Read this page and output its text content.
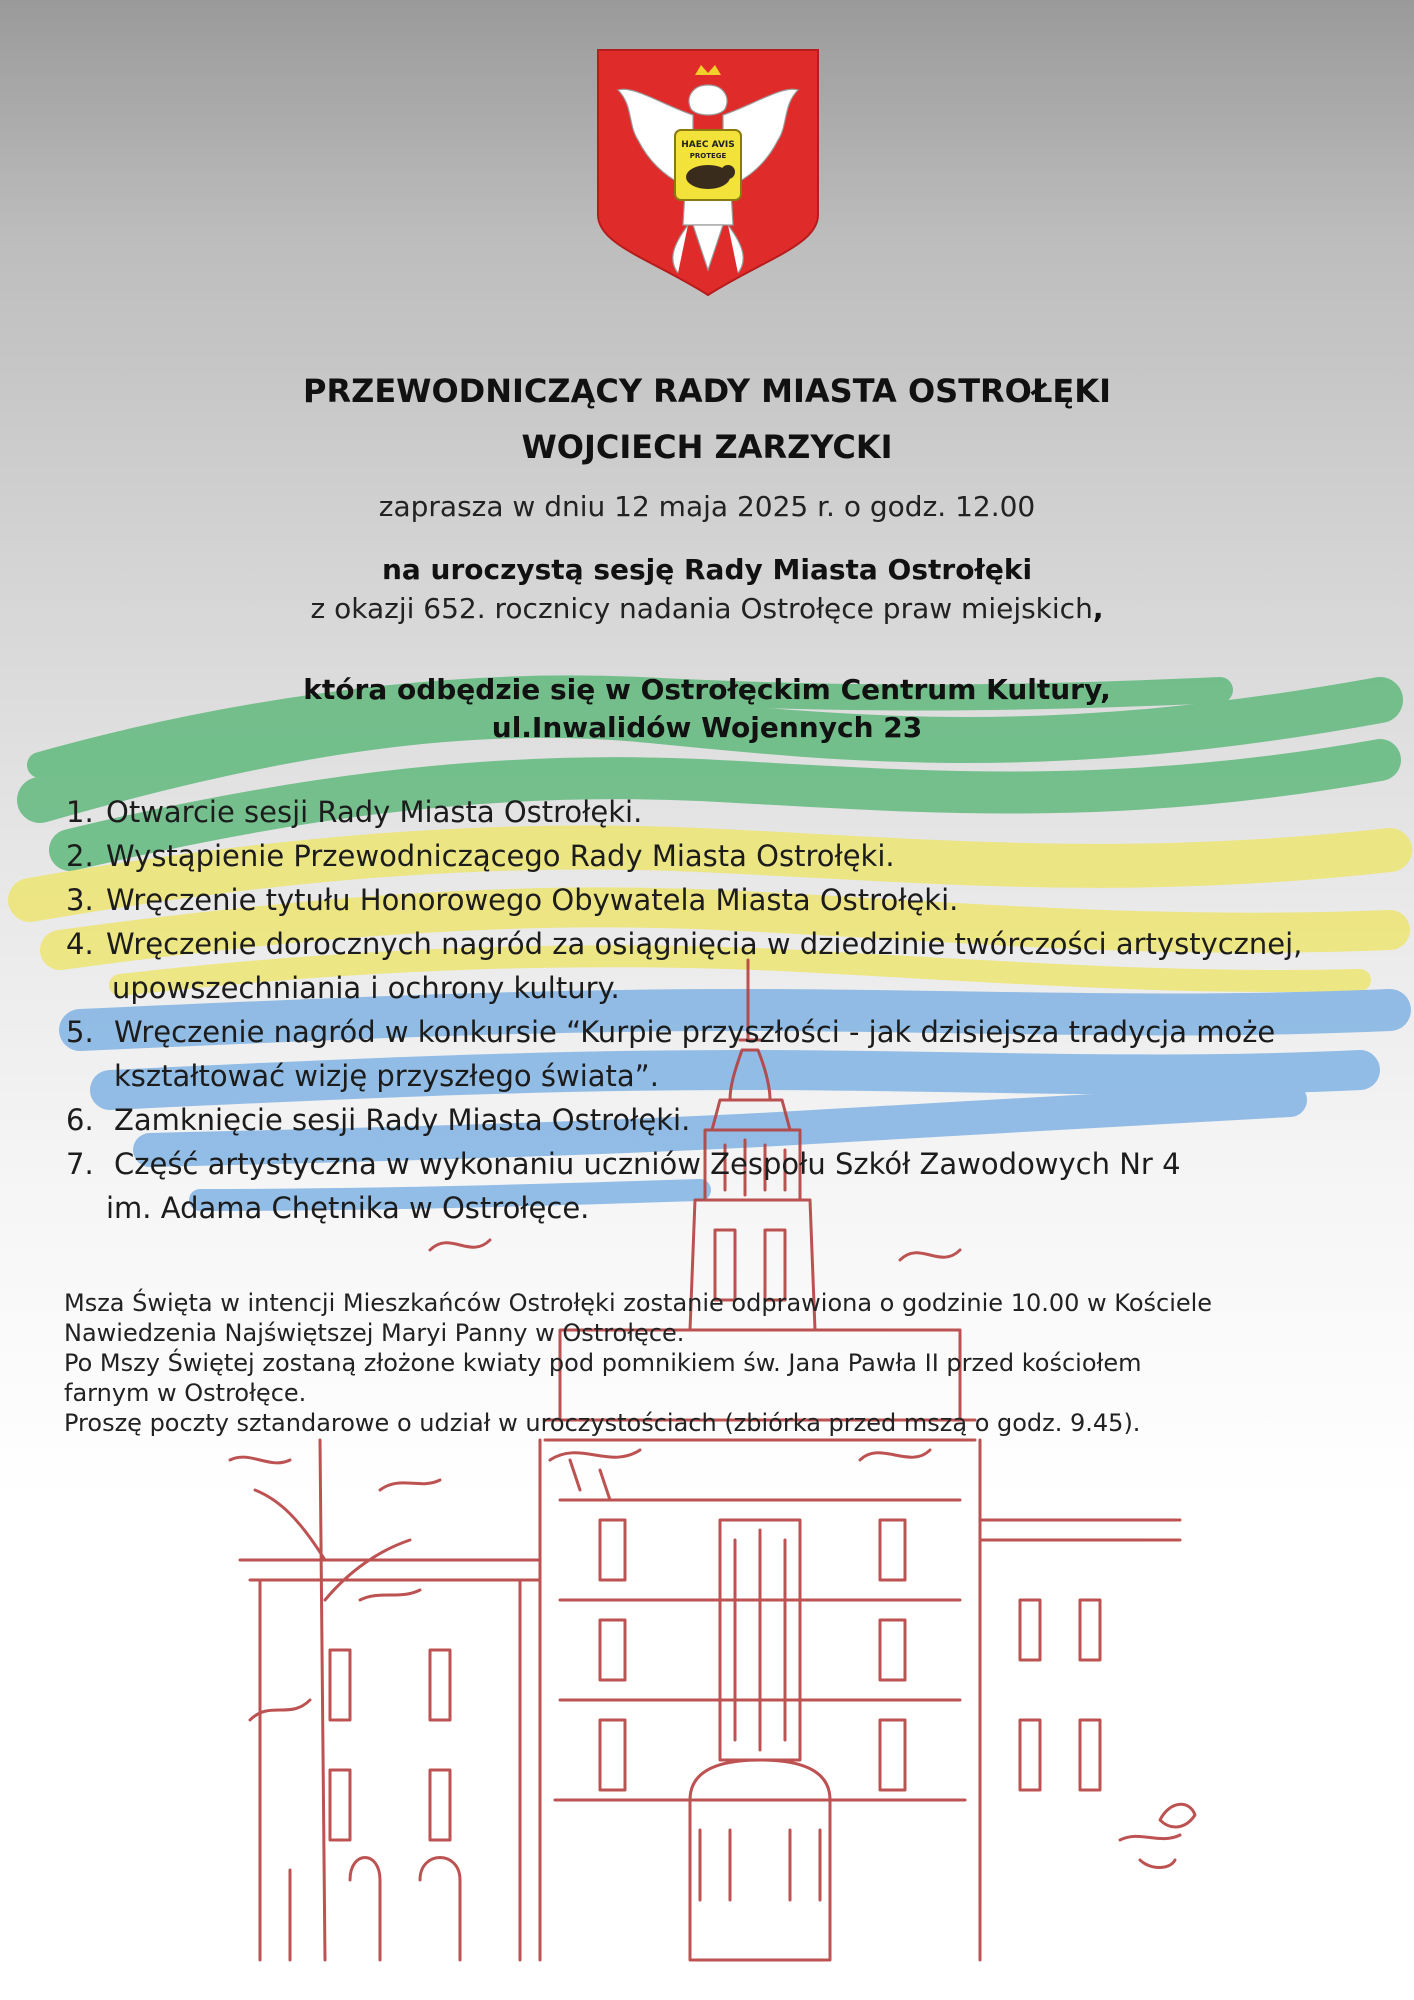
HAEC AVIS
PROTEGE
PRZEWODNICZĄCY RADY MIASTA OSTROŁĘKI
WOJCIECH ZARZYCKI
zaprasza w dniu 12 maja 2025 r. o godz. 12.00
na uroczystą sesję Rady Miasta Ostrołęki
z okazji 652. rocznicy nadania Ostrołęce praw miejskich,
która odbędzie się w Ostrołęckim Centrum Kultury,
ul.Inwalidów Wojennych 23
1. Otwarcie sesji Rady Miasta Ostrołęki.
2. Wystąpienie Przewodniczącego Rady Miasta Ostrołęki.
3. Wręczenie tytułu Honorowego Obywatela Miasta Ostrołęki.
4. Wręczenie dorocznych nagród za osiągnięcia w dziedzinie twórczości artystycznej,
upowszechniania i ochrony kultury.
5. Wręczenie nagród w konkursie “Kurpie przyszłości - jak dzisiejsza tradycja może
kształtować wizję przyszłego świata”.
6. Zamknięcie sesji Rady Miasta Ostrołęki.
7. Część artystyczna w wykonaniu uczniów Zespołu Szkół Zawodowych Nr 4
im. Adama Chętnika w Ostrołęce.

Msza Święta w intencji Mieszkańców Ostrołęki zostanie odprawiona o godzinie 10.00 w Kościele

Nawiedzenia Najświętszej Maryi Panny w Ostrołęce.

Po Mszy Świętej zostaną złożone kwiaty pod pomnikiem św. Jana Pawła II przed kościołem

farnym w Ostrołęce.

Proszę poczty sztandarowe o udział w uroczystościach (zbiórka przed mszą o godz. 9.45).
